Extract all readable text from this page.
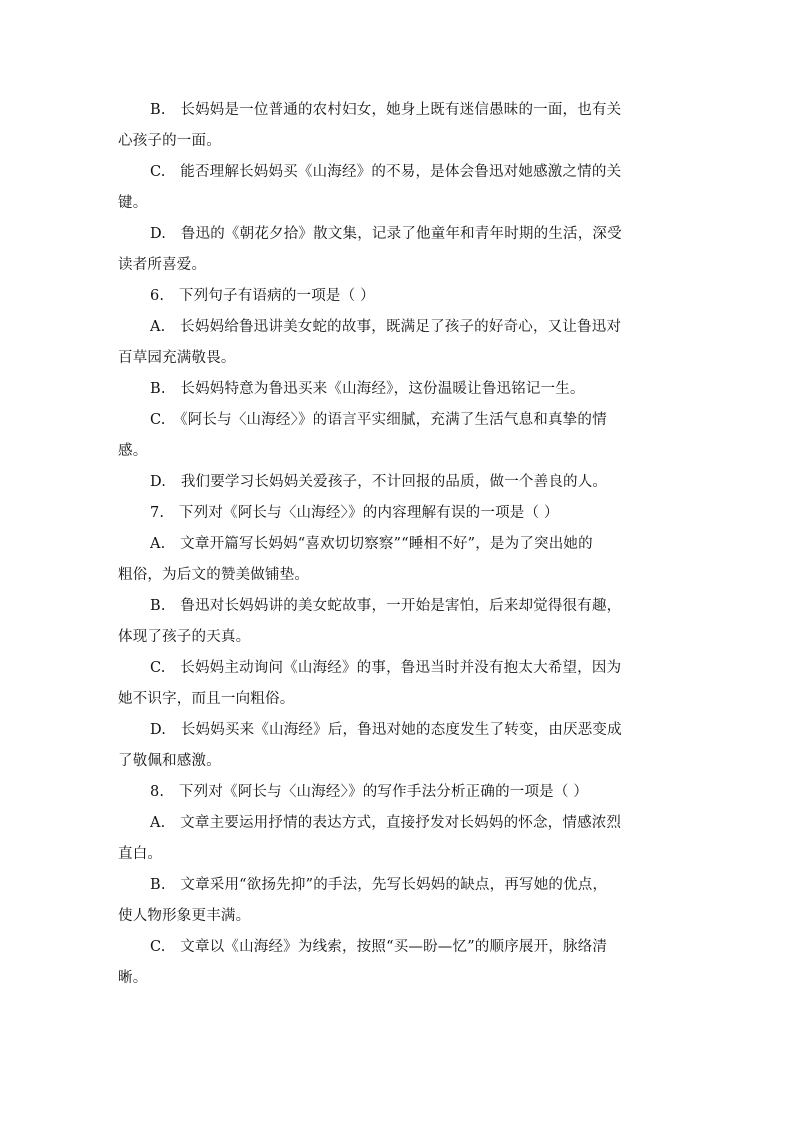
B.　长妈妈是一位普通的农村妇女，她身上既有迷信愚昧的一面，也有关
心孩子的一面。
C.　能否理解长妈妈买《山海经》的不易，是体会鲁迅对她感激之情的关
键。
D.　鲁迅的《朝花夕拾》散文集，记录了他童年和青年时期的生活，深受
读者所喜爱。
6.　下列句子有语病的一项是（ ）
A.　长妈妈给鲁迅讲美女蛇的故事，既满足了孩子的好奇心，又让鲁迅对
百草园充满敬畏。
B.　长妈妈特意为鲁迅买来《山海经》，这份温暖让鲁迅铭记一生。
C.　《阿长与〈山海经〉》的语言平实细腻，充满了生活气息和真挚的情
感。
D.　我们要学习长妈妈关爱孩子，不计回报的品质，做一个善良的人。
7.　下列对《阿长与〈山海经〉》的内容理解有误的一项是（ ）
A.　文章开篇写长妈妈“喜欢切切察察”“睡相不好”，是为了突出她的
粗俗，为后文的赞美做铺垫。
B.　鲁迅对长妈妈讲的美女蛇故事，一开始是害怕，后来却觉得很有趣，
体现了孩子的天真。
C.　长妈妈主动询问《山海经》的事，鲁迅当时并没有抱太大希望，因为
她不识字，而且一向粗俗。
D.　长妈妈买来《山海经》后，鲁迅对她的态度发生了转变，由厌恶变成
了敬佩和感激。
8.　下列对《阿长与〈山海经〉》的写作手法分析正确的一项是（ ）
A.　文章主要运用抒情的表达方式，直接抒发对长妈妈的怀念，情感浓烈
直白。
B.　文章采用“欲扬先抑”的手法，先写长妈妈的缺点，再写她的优点，
使人物形象更丰满。
C.　文章以《山海经》为线索，按照“买—盼—忆”的顺序展开，脉络清
晰。
